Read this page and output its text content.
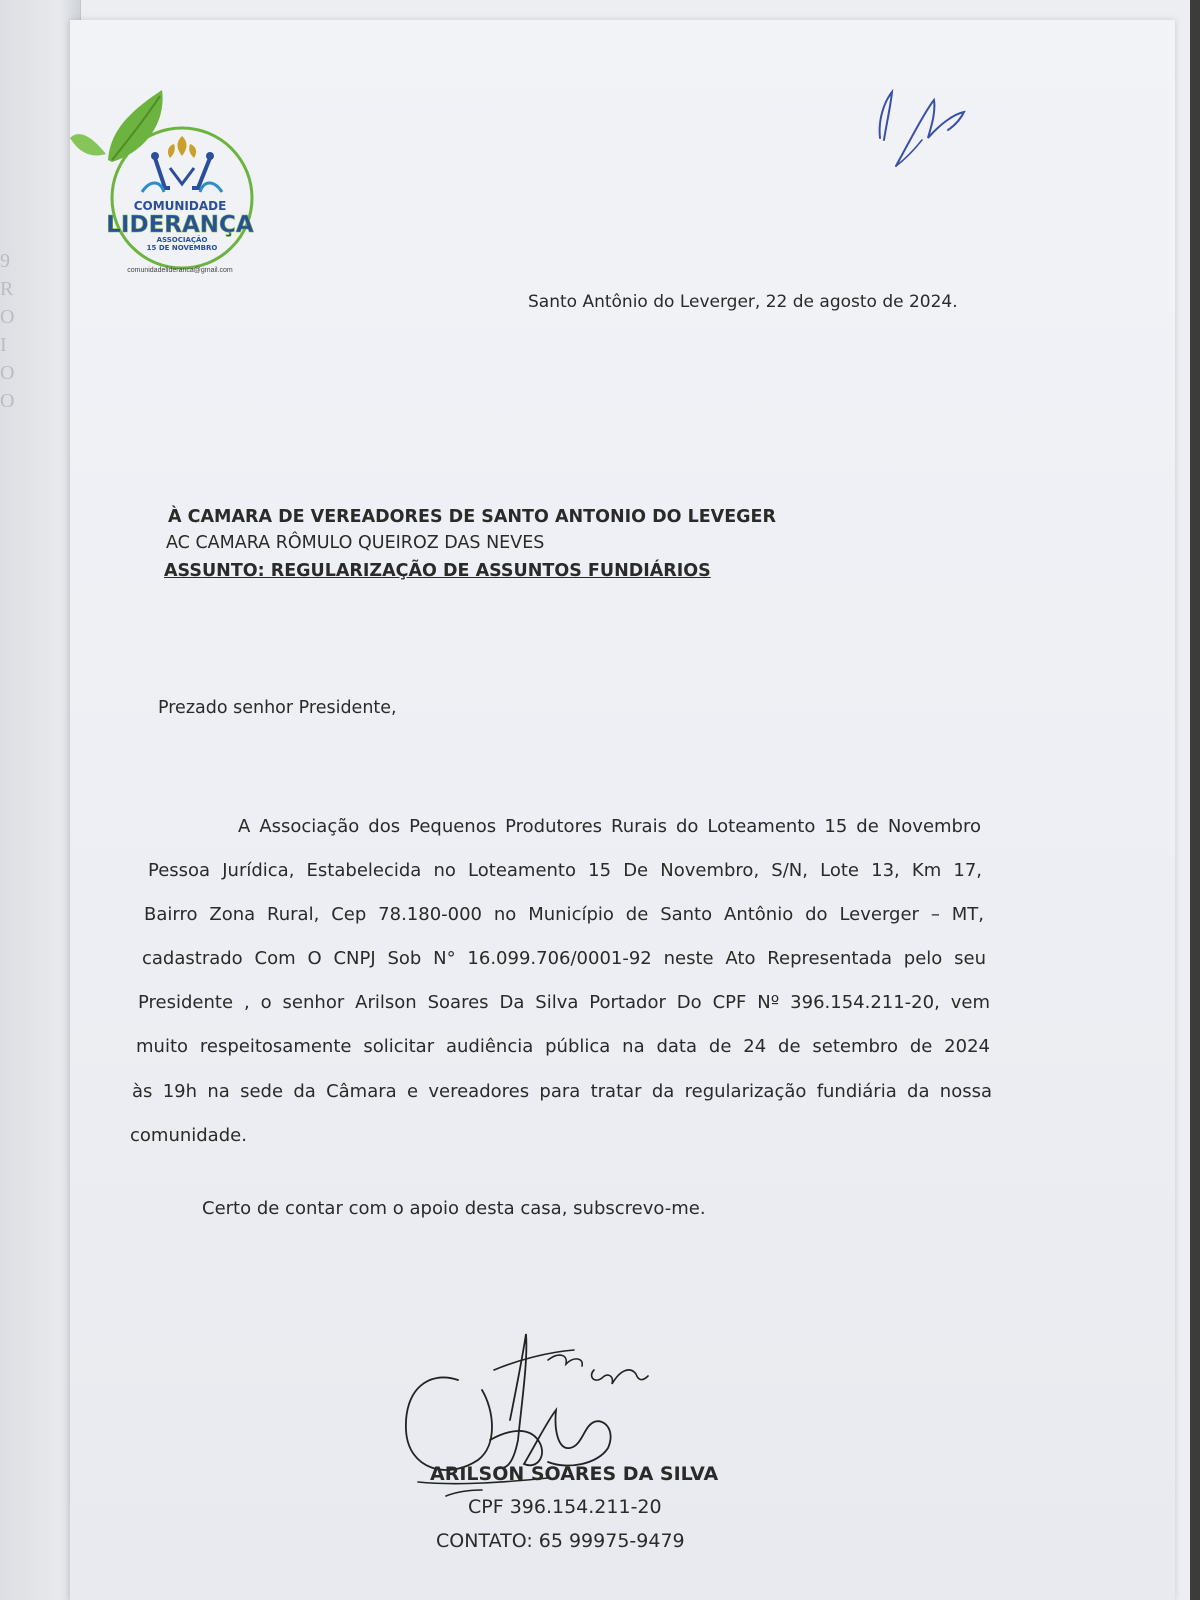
9
R
O
I
O
O
COMUNIDADE
LIDERANÇA
ASSOCIAÇÃO
15 DE NOVEMBRO
comunidadelideranca@gmail.com
Santo Antônio do Leverger, 22 de agosto de 2024.
À CAMARA DE VEREADORES DE SANTO ANTONIO DO LEVEGER
AC CAMARA RÔMULO QUEIROZ DAS NEVES
ASSUNTO: REGULARIZAÇÃO DE ASSUNTOS FUNDIÁRIOS
Prezado senhor Presidente,
A Associação dos Pequenos Produtores Rurais do Loteamento 15 de Novembro
Pessoa Jurídica, Estabelecida no Loteamento 15 De Novembro, S/N, Lote 13, Km 17,
Bairro Zona Rural, Cep 78.180-000 no Município de Santo Antônio do Leverger – MT,
cadastrado Com O CNPJ Sob N° 16.099.706/0001-92 neste Ato Representada pelo seu
Presidente , o senhor Arilson Soares Da Silva Portador Do CPF Nº 396.154.211-20, vem
muito respeitosamente solicitar audiência pública na data de 24 de setembro de 2024
às 19h na sede da Câmara e vereadores para tratar da regularização fundiária da nossa
comunidade.
Certo de contar com o apoio desta casa, subscrevo-me.
ARILSON SOARES DA SILVA
CPF 396.154.211-20
CONTATO: 65 99975-9479
